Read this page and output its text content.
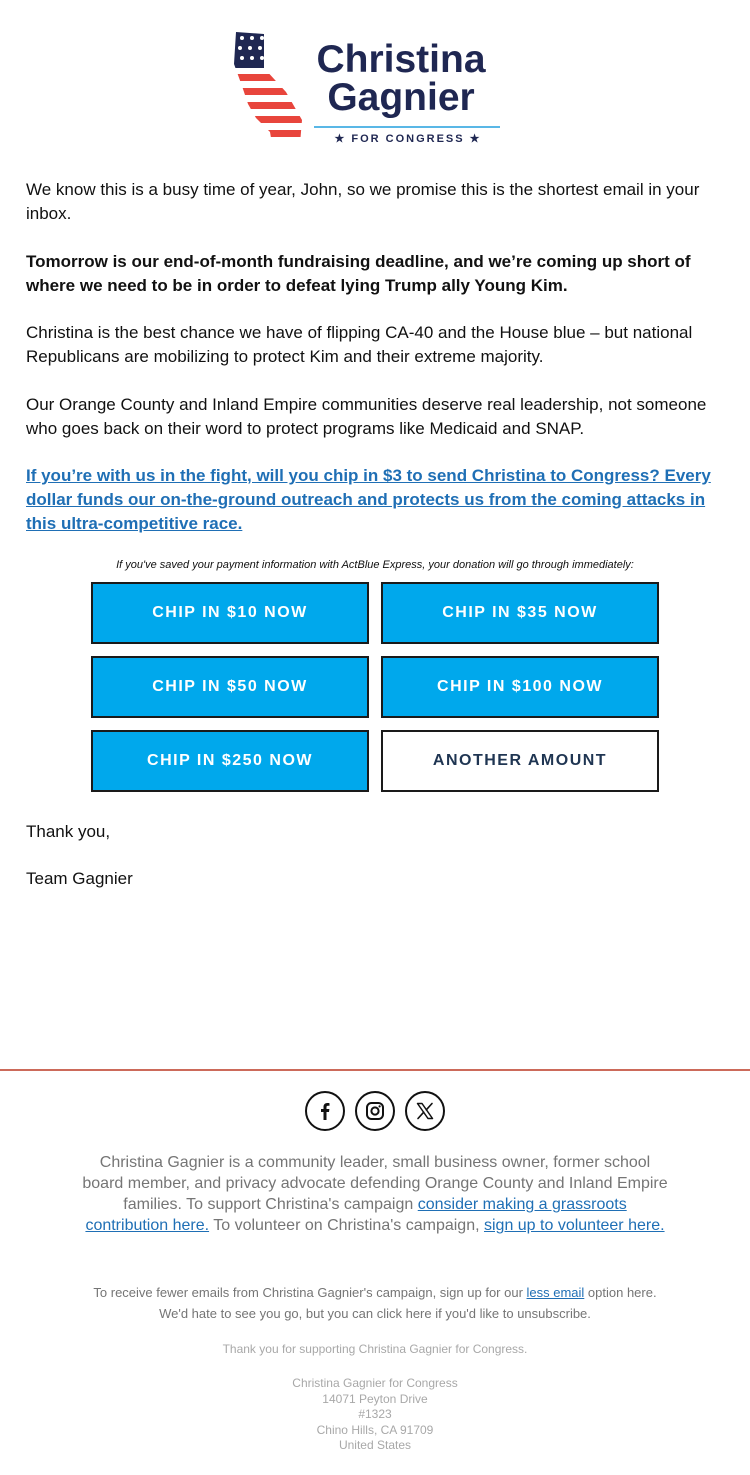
Christina
Gagnier
★ FOR CONGRESS ★

We know this is a busy time of year, John, so we promise this is the shortest email in your inbox.

Tomorrow is our end-of-month fundraising deadline, and we’re coming up short of where we need to be in order to defeat lying Trump ally Young Kim.

Christina is the best chance we have of flipping CA-40 and the House blue – but national Republicans are mobilizing to protect Kim and their extreme majority.

Our Orange County and Inland Empire communities deserve real leadership, not someone who goes back on their word to protect programs like Medicaid and SNAP.

If you’re with us in the fight, will you chip in $3 to send Christina to Congress? Every dollar funds our on-the-ground outreach and protects us from the coming attacks in this ultra-competitive race.

If you've saved your payment information with ActBlue Express, your donation will go through immediately:
CHIP IN $10 NOW	CHIP IN $35 NOW
CHIP IN $50 NOW	CHIP IN $100 NOW
CHIP IN $250 NOW	ANOTHER AMOUNT

Thank you,

Team Gagnier

Christina Gagnier is a community leader, small business owner, former school board member, and privacy advocate defending Orange County and Inland Empire families. To support Christina's campaign consider making a grassroots contribution here. To volunteer on Christina's campaign, sign up to volunteer here.

To receive fewer emails from Christina Gagnier's campaign, sign up for our less email option here. We'd hate to see you go, but you can click here if you'd like to unsubscribe.

Thank you for supporting Christina Gagnier for Congress.

Christina Gagnier for Congress
14071 Peyton Drive
#1323
Chino Hills, CA 91709
United States
